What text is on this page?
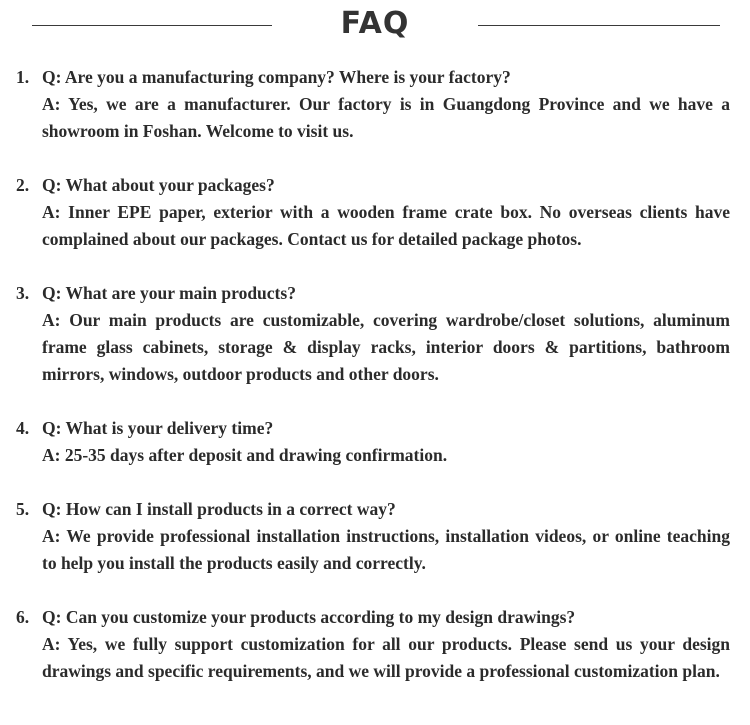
FAQ
1. Q: Are you a manufacturing company? Where is your factory?
A: Yes, we are a manufacturer. Our factory is in Guangdong Province and we have a showroom in Foshan. Welcome to visit us.
2. Q: What about your packages?
A: Inner EPE paper, exterior with a wooden frame crate box. No overseas clients have complained about our packages. Contact us for detailed package photos.
3. Q: What are your main products?
A: Our main products are customizable, covering wardrobe/closet solutions, aluminum frame glass cabinets, storage & display racks, interior doors & partitions, bathroom mirrors, windows, outdoor products and other doors.
4. Q: What is your delivery time?
A: 25-35 days after deposit and drawing confirmation.
5. Q: How can I install products in a correct way?
A: We provide professional installation instructions, installation videos, or online teaching to help you install the products easily and correctly.
6. Q: Can you customize your products according to my design drawings?
A: Yes, we fully support customization for all our products. Please send us your design drawings and specific requirements, and we will provide a professional customization plan.
